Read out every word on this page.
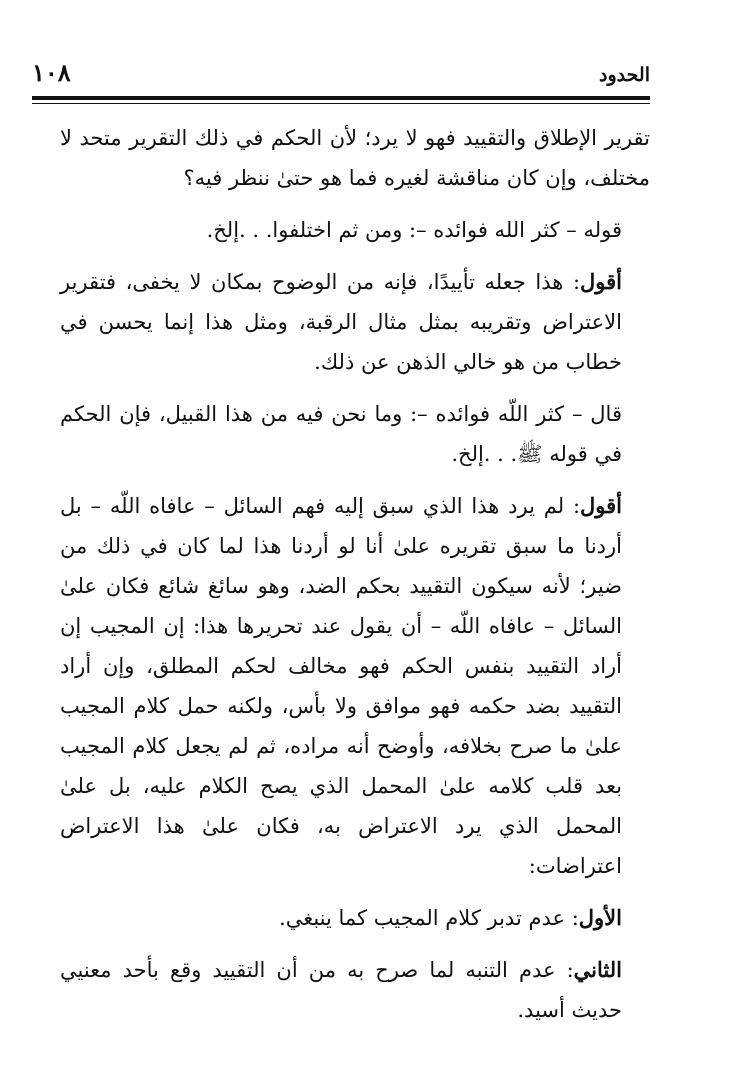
الحدود
١٠٨

تقرير الإطلاق والتقييد فهو لا يرد؛ لأن الحكم في ذلك التقرير متحد لا مختلف، وإن كان مناقشة لغيره فما هو حتىٰ ننظر فيه؟

قوله – كثر الله فوائده –: ومن ثم اختلفوا. . .إلخ.

أقول: هذا جعله تأييدًا، فإنه من الوضوح بمكان لا يخفى، فتقرير الاعتراض وتقريبه بمثل مثال الرقبة، ومثل هذا إنما يحسن في خطاب من هو خالي الذهن عن ذلك.

قال – كثر اللّه فوائده –: وما نحن فيه من هذا القبيل، فإن الحكم في قوله ﷺ. . .إلخ.

أقول: لم يرد هذا الذي سبق إليه فهم السائل – عافاه اللّه – بل أردنا ما سبق تقريره علىٰ أنا لو أردنا هذا لما كان في ذلك من ضير؛ لأنه سيكون التقييد بحكم الضد، وهو سائغ شائع فكان علىٰ السائل – عافاه اللّه – أن يقول عند تحريرها هذا: إن المجيب إن أراد التقييد بنفس الحكم فهو مخالف لحكم المطلق، وإن أراد التقييد بضد حكمه فهو موافق ولا بأس، ولكنه حمل كلام المجيب علىٰ ما صرح بخلافه، وأوضح أنه مراده، ثم لم يجعل كلام المجيب بعد قلب كلامه علىٰ المحمل الذي يصح الكلام عليه، بل علىٰ المحمل الذي يرد الاعتراض به، فكان علىٰ هذا الاعتراض اعتراضات:

الأول: عدم تدبر كلام المجيب كما ينبغي.

الثاني: عدم التنبه لما صرح به من أن التقييد وقع بأحد معنيي حديث أسيد.
